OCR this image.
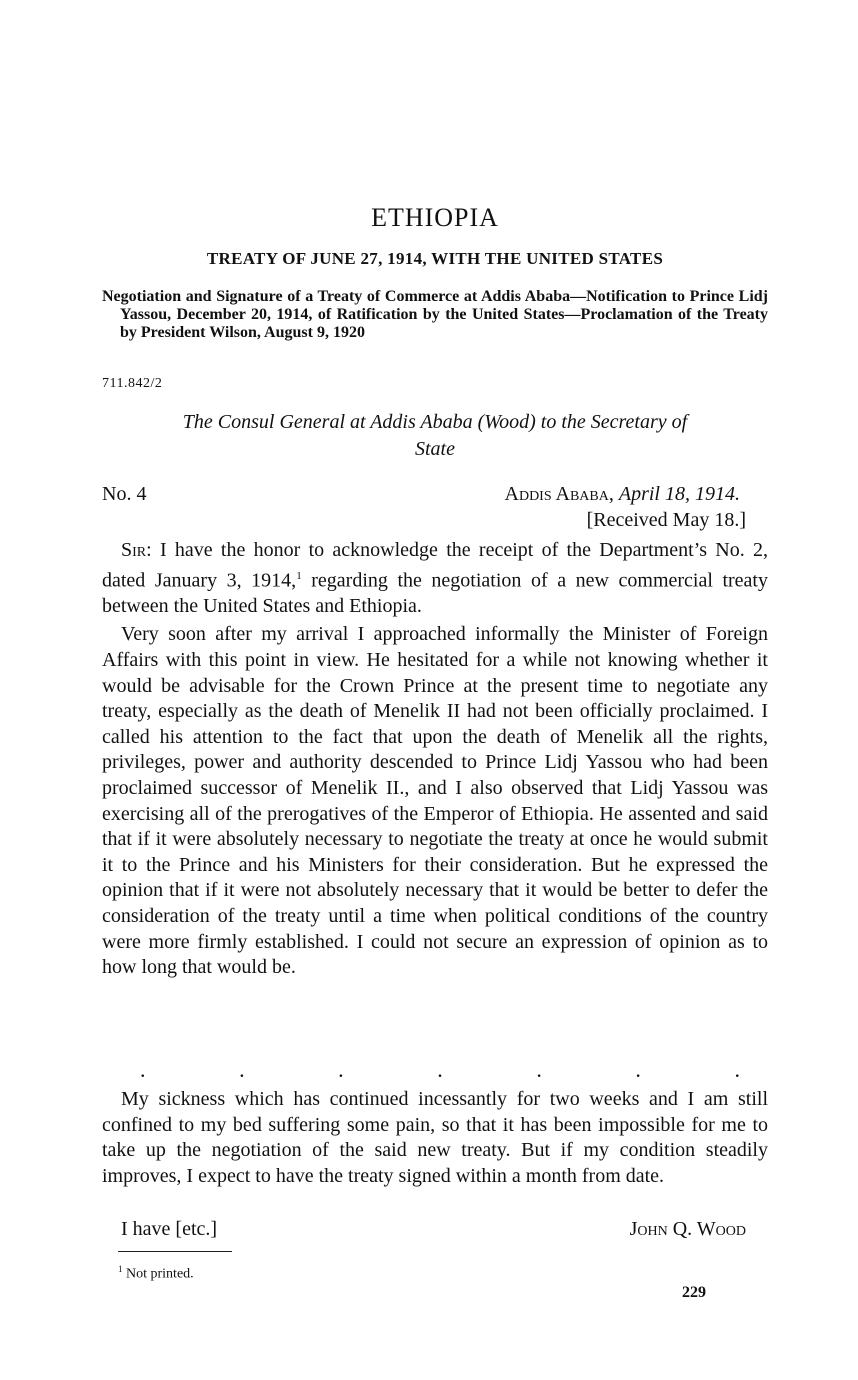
ETHIOPIA
TREATY OF JUNE 27, 1914, WITH THE UNITED STATES
Negotiation and Signature of a Treaty of Commerce at Addis Ababa—Notification to Prince Lidj Yassou, December 20, 1914, of Ratification by the United States—Proclamation of the Treaty by President Wilson, August 9, 1920
711.842/2
The Consul General at Addis Ababa (Wood) to the Secretary of
State
No. 4	Addis Ababa, April 18, 1914.
[Received May 18.]

Sir: I have the honor to acknowledge the receipt of the Department’s No. 2, dated January 3, 1914,$^1$ regarding the negotiation of a new commercial treaty between the United States and Ethiopia.

Very soon after my arrival I approached informally the Minister of Foreign Affairs with this point in view. He hesitated for a while not knowing whether it would be advisable for the Crown Prince at the present time to negotiate any treaty, especially as the death of Menelik II had not been officially proclaimed. I called his attention to the fact that upon the death of Menelik all the rights, privileges, power and authority descended to Prince Lidj Yassou who had been proclaimed successor of Menelik II., and I also observed that Lidj Yassou was exercising all of the prerogatives of the Emperor of Ethiopia. He assented and said that if it were absolutely necessary to negotiate the treaty at once he would submit it to the Prince and his Ministers for their consideration. But he expressed the opinion that if it were not absolutely necessary that it would be better to defer the consideration of the treaty until a time when political conditions of the country were more firmly established. I could not secure an expression of opinion as to how long that would be.

.	.	.	.	.	.	.

My sickness which has continued incessantly for two weeks and I am still confined to my bed suffering some pain, so that it has been impossible for me to take up the negotiation of the said new treaty. But if my condition steadily improves, I expect to have the treaty signed within a month from date.

I have [etc.]	John Q. Wood
$^1$ Not printed.
229
